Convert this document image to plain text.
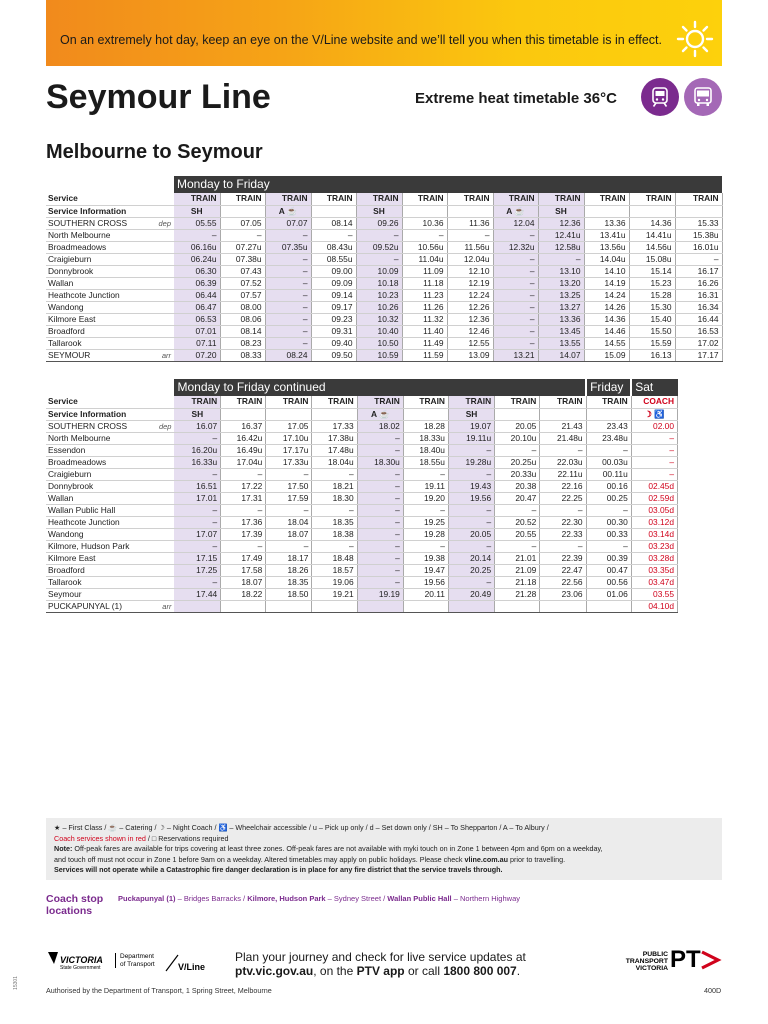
On an extremely hot day, keep an eye on the V/Line website and we’ll tell you when this timetable is in effect.
Seymour Line	Extreme heat timetable 36°C
Melbourne to Seymour
		Monday to Friday											
Service		TRAIN	TRAIN	TRAIN	TRAIN	TRAIN	TRAIN	TRAIN	TRAIN	TRAIN	TRAIN	TRAIN	TRAIN
Service Information		SH		A ☕		SH			A ☕	SH			
SOUTHERN CROSS	dep	05.55	07.05	07.07	08.14	09.26	10.36	11.36	12.04	12.36	13.36	14.36	15.33
North Melbourne		–	–	–	–	–	–	–	–	12.41u	13.41u	14.41u	15.38u
Broadmeadows		06.16u	07.27u	07.35u	08.43u	09.52u	10.56u	11.56u	12.32u	12.58u	13.56u	14.56u	16.01u
Craigieburn		06.24u	07.38u	–	08.55u	–	11.04u	12.04u	–	–	14.04u	15.08u	–
Donnybrook		06.30	07.43	–	09.00	10.09	11.09	12.10	–	13.10	14.10	15.14	16.17
Wallan		06.39	07.52	–	09.09	10.18	11.18	12.19	–	13.20	14.19	15.23	16.26
Heathcote Junction		06.44	07.57	–	09.14	10.23	11.23	12.24	–	13.25	14.24	15.28	16.31
Wandong		06.47	08.00	–	09.17	10.26	11.26	12.26	–	13.27	14.26	15.30	16.34
Kilmore East		06.53	08.06	–	09.23	10.32	11.32	12.36	–	13.36	14.36	15.40	16.44
Broadford		07.01	08.14	–	09.31	10.40	11.40	12.46	–	13.45	14.46	15.50	16.53
Tallarook		07.11	08.23	–	09.40	10.50	11.49	12.55	–	13.55	14.55	15.59	17.02
SEYMOUR	arr	07.20	08.33	08.24	09.50	10.59	11.59	13.09	13.21	14.07	15.09	16.13	17.17
		Monday to Friday continued									Friday	Sat
Service		TRAIN	TRAIN	TRAIN	TRAIN	TRAIN	TRAIN	TRAIN	TRAIN	TRAIN	TRAIN	COACH
Service Information		SH				A ☕		SH				☽ ♿
SOUTHERN CROSS	dep	16.07	16.37	17.05	17.33	18.02	18.28	19.07	20.05	21.43	23.43	02.00
North Melbourne		–	16.42u	17.10u	17.38u	–	18.33u	19.11u	20.10u	21.48u	23.48u	–
Essendon		16.20u	16.49u	17.17u	17.48u	–	18.40u	–	–	–	–	–
Broadmeadows		16.33u	17.04u	17.33u	18.04u	18.30u	18.55u	19.28u	20.25u	22.03u	00.03u	–
Craigieburn		–	–	–	–	–	–	–	20.33u	22.11u	00.11u	–
Donnybrook		16.51	17.22	17.50	18.21	–	19.11	19.43	20.38	22.16	00.16	02.45d
Wallan		17.01	17.31	17.59	18.30	–	19.20	19.56	20.47	22.25	00.25	02.59d
Wallan Public Hall		–	–	–	–	–	–	–	–	–	–	03.05d
Heathcote Junction		–	17.36	18.04	18.35	–	19.25	–	20.52	22.30	00.30	03.12d
Wandong		17.07	17.39	18.07	18.38	–	19.28	20.05	20.55	22.33	00.33	03.14d
Kilmore, Hudson Park		–	–	–	–	–	–	–	–	–	–	03.23d
Kilmore East		17.15	17.49	18.17	18.48	–	19.38	20.14	21.01	22.39	00.39	03.28d
Broadford		17.25	17.58	18.26	18.57	–	19.47	20.25	21.09	22.47	00.47	03.35d
Tallarook		–	18.07	18.35	19.06	–	19.56	–	21.18	22.56	00.56	03.47d
Seymour		17.44	18.22	18.50	19.21	19.19	20.11	20.49	21.28	23.06	01.06	03.55
PUCKAPUNYAL (1)	arr											04.10d
★ – First Class / ☕ – Catering / ☽ – Night Coach / ♿ – Wheelchair accessible / u – Pick up only / d – Set down only / SH – To Shepparton / A – To Albury /
Coach services shown in red / □ Reservations required
Note: Off-peak fares are available for trips covering at least three zones. Off-peak fares are not available with myki touch on in Zone 1 between 4pm and 6pm on a weekday,
and touch off must not occur in Zone 1 before 9am on a weekday. Altered timetables may apply on public holidays. Please check vline.com.au prior to travelling.
Services will not operate while a Catastrophic fire danger declaration is in place for any fire district that the service travels through.
Coach stop locations
Puckapunyal (1) – Bridges Barracks / Kilmore, Hudson Park – Sydney Street / Wallan Public Hall – Northern Highway
VICTORIA
State Government
Department
of Transport	V/Line
Plan your journey and check for live service updates at
ptv.vic.gov.au, on the PTV app or call 1800 800 007.
PUBLIC
TRANSPORT
VICTORIA PT
Authorised by the Department of Transport, 1 Spring Street, Melbourne	400D
15301
